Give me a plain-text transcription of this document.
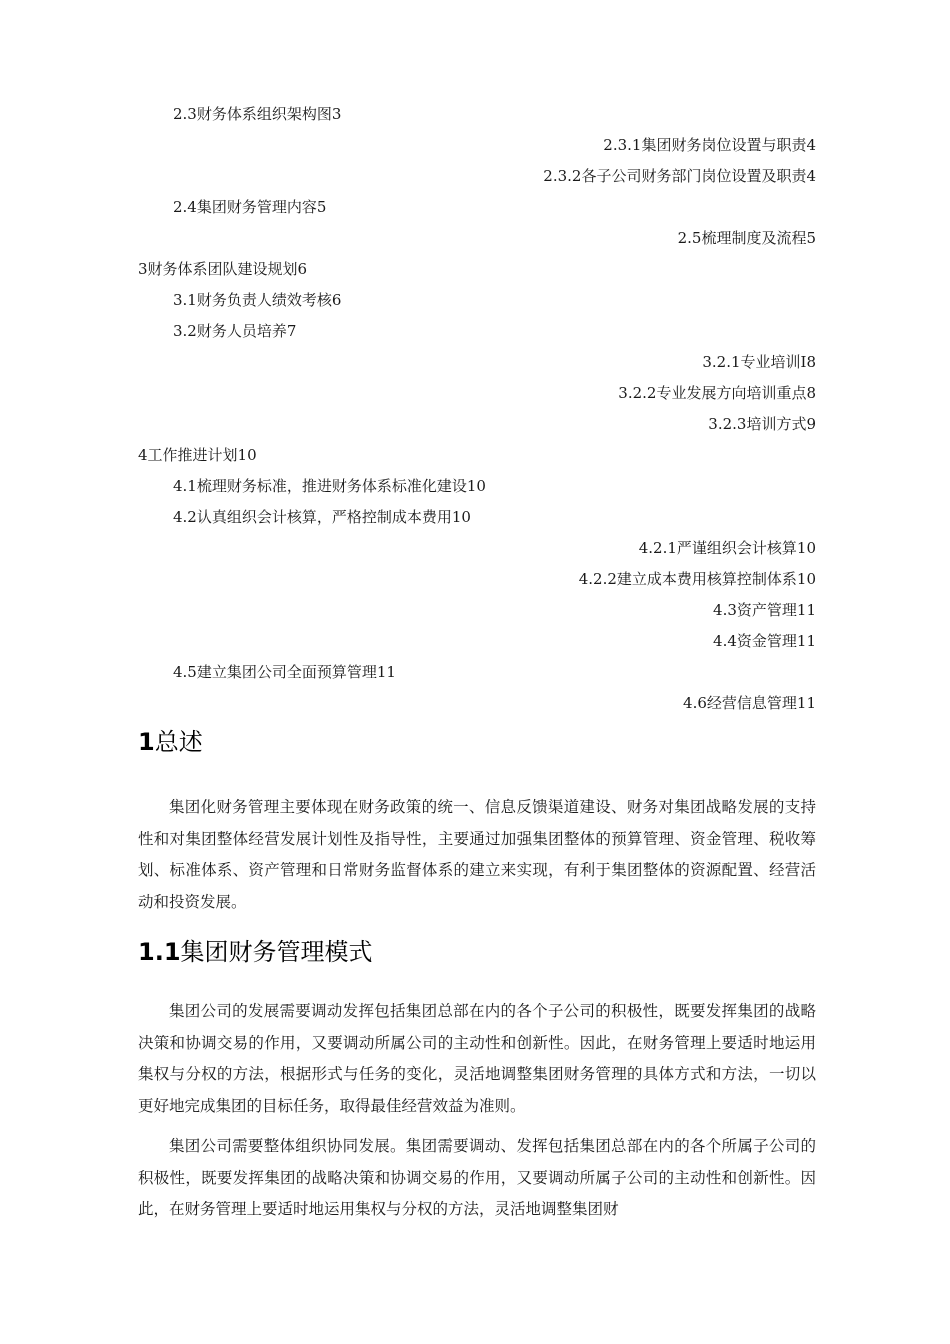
2.3财务体系组织架构图3
2.3.1集团财务岗位设置与职责4
2.3.2各子公司财务部门岗位设置及职责4
2.4集团财务管理内容5
2.5梳理制度及流程5
3财务体系团队建设规划6
3.1财务负责人绩效考核6
3.2财务人员培养7
3.2.1专业培训I8
3.2.2专业发展方向培训重点8
3.2.3培训方式9
4工作推进计划10
4.1梳理财务标准，推进财务体系标准化建设10
4.2认真组织会计核算，严格控制成本费用10
4.2.1严谨组织会计核算10
4.2.2建立成本费用核算控制体系10
4.3资产管理11
4.4资金管理11
4.5建立集团公司全面预算管理11
4.6经营信息管理11
1总述

集团化财务管理主要体现在财务政策的统一、信息反馈渠道建设、财务对集团战略发展的支持性和对集团整体经营发展计划性及指导性，主要通过加强集团整体的预算管理、资金管理、税收筹划、标准体系、资产管理和日常财务监督体系的建立来实现，有利于集团整体的资源配置、经营活动和投资发展。

1.1集团财务管理模式

集团公司的发展需要调动发挥包括集团总部在内的各个子公司的积极性，既要发挥集团的战略决策和协调交易的作用，又要调动所属公司的主动性和创新性。因此，在财务管理上要适时地运用集权与分权的方法，根据形式与任务的变化，灵活地调整集团财务管理的具体方式和方法，一切以更好地完成集团的目标任务，取得最佳经营效益为准则。

集团公司需要整体组织协同发展。集团需要调动、发挥包括集团总部在内的各个所属子公司的积极性，既要发挥集团的战略决策和协调交易的作用，又要调动所属子公司的主动性和创新性。因此，在财务管理上要适时地运用集权与分权的方法，灵活地调整集团财
